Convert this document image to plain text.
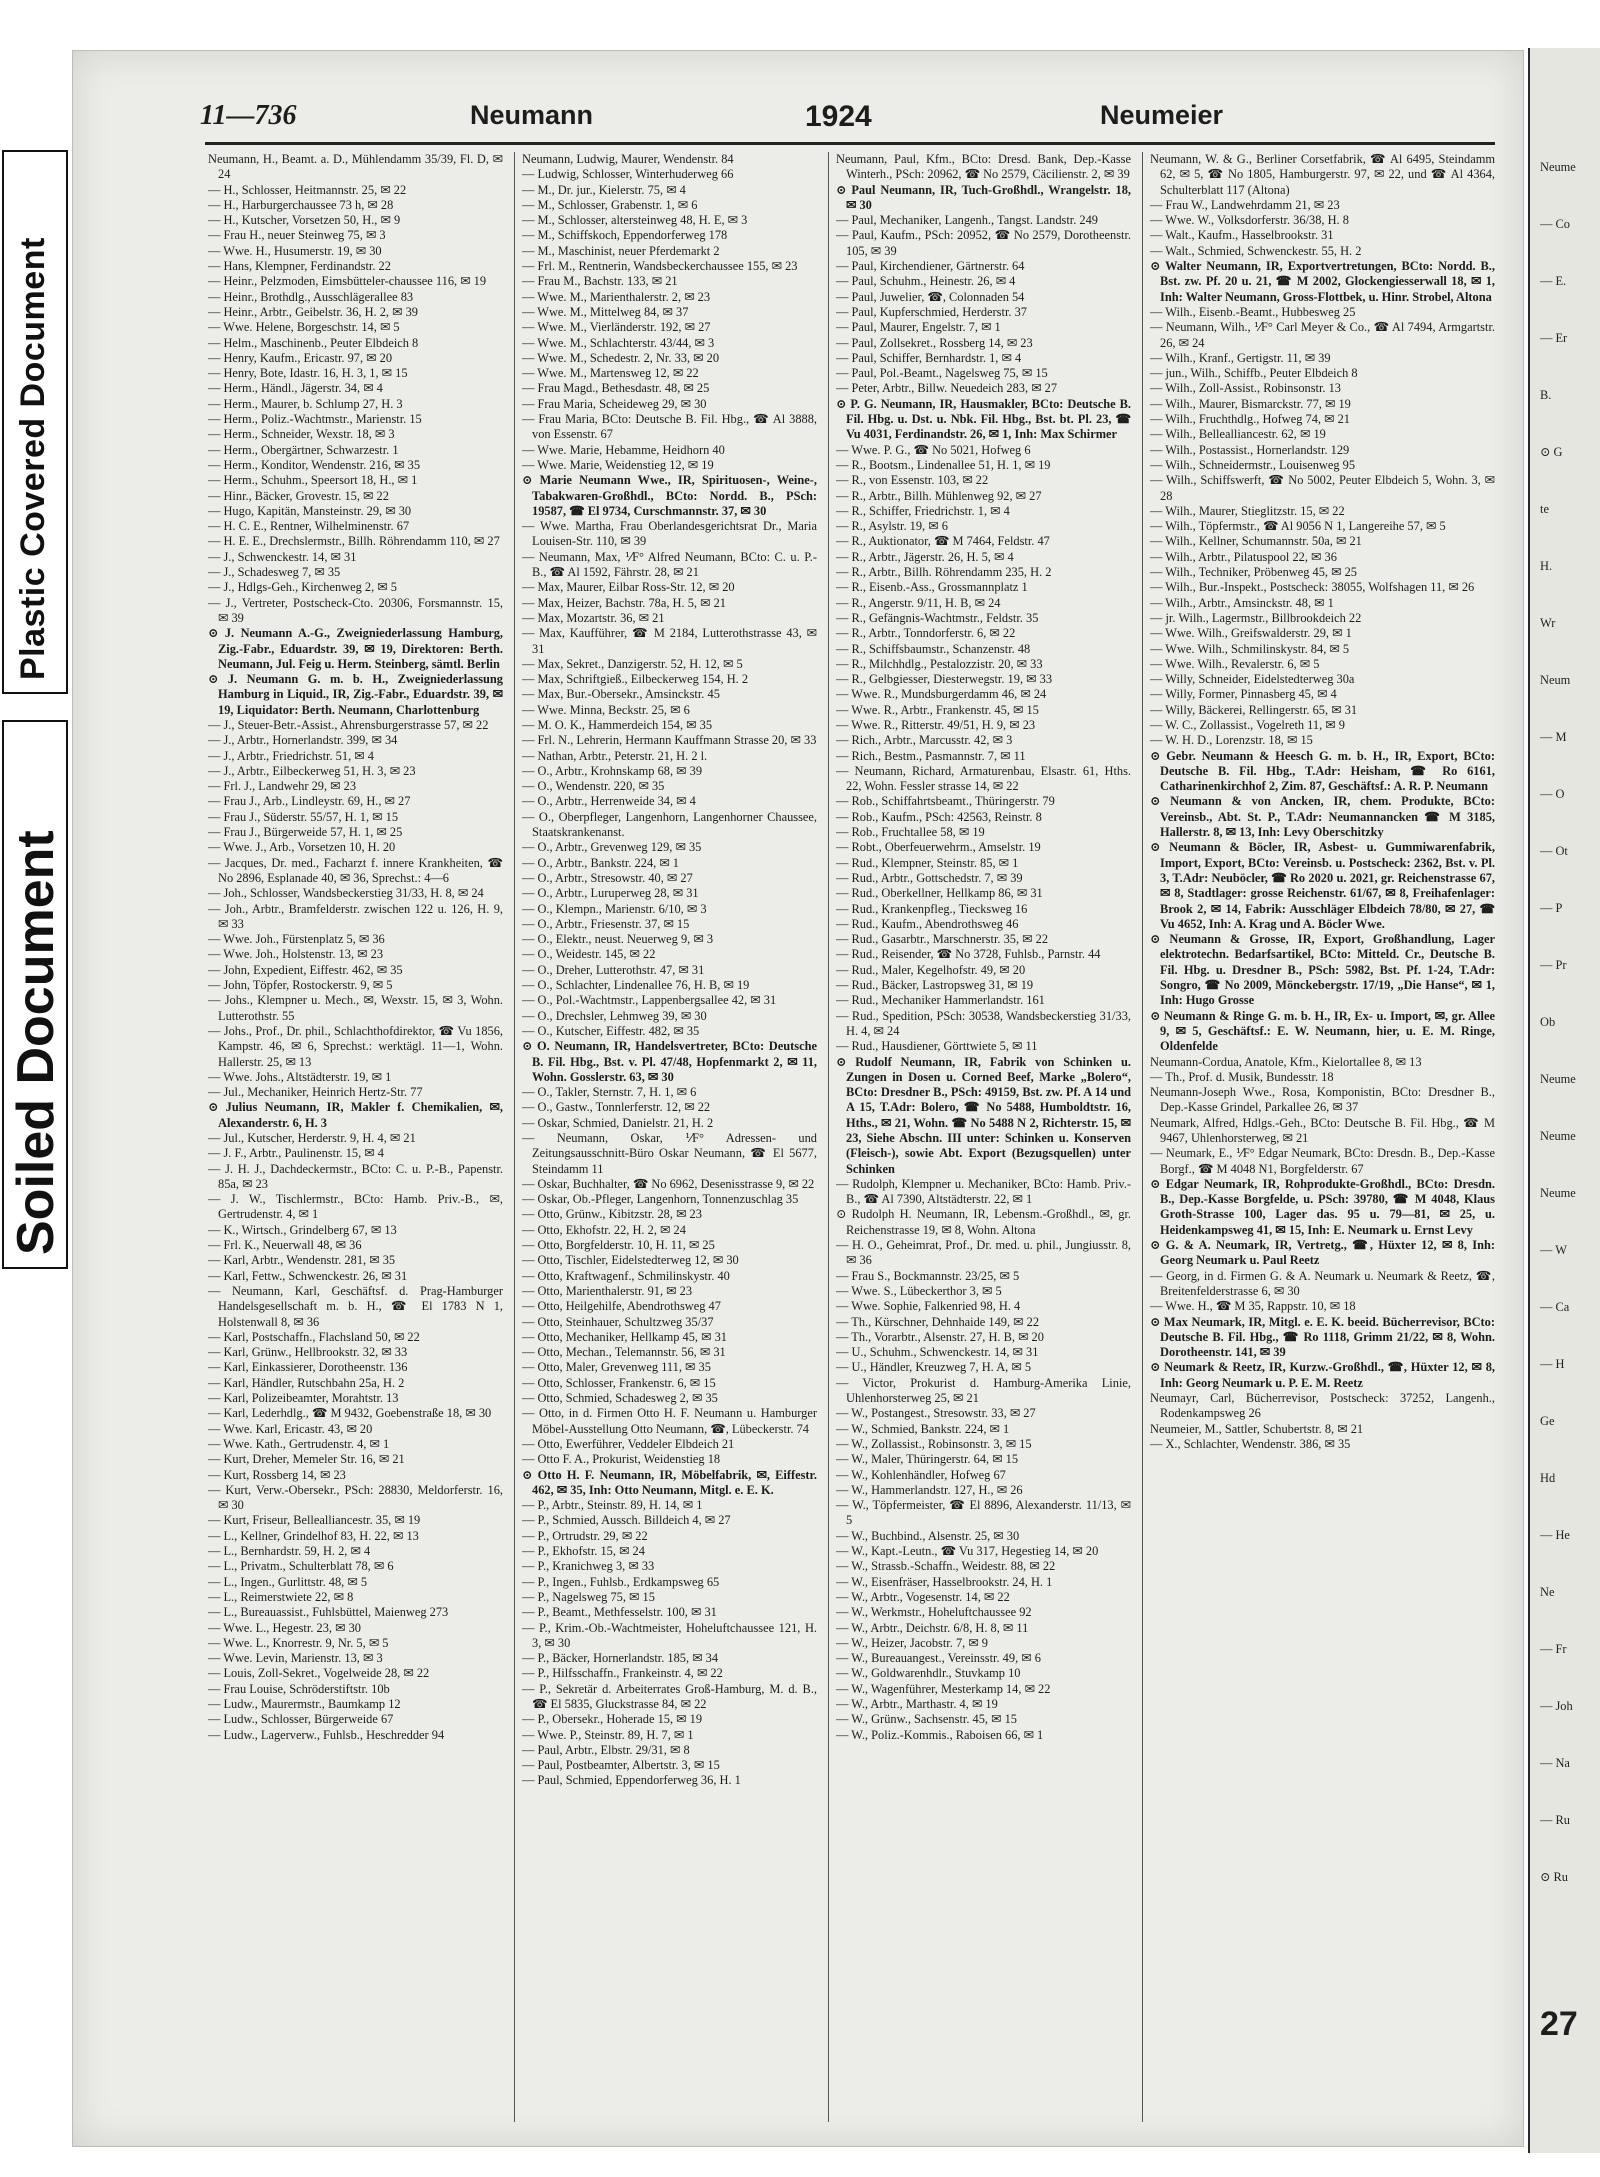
Plastic Covered Document
Soiled Document
11—736	Neumann	1924	Neumeier

Neumann, H., Beamt. a. D., Mühlendamm 35/39, Fl. D, ✉ 24

— H., Schlosser, Heitmannstr. 25, ✉ 22

— H., Harburgerchaussee 73 h, ✉ 28

— H., Kutscher, Vorsetzen 50, H., ✉ 9

— Frau H., neuer Steinweg 75, ✉ 3

— Wwe. H., Husumerstr. 19, ✉ 30

— Hans, Klempner, Ferdinandstr. 22

— Heinr., Pelzmoden, Eimsbütteler-chaussee 116, ✉ 19

— Heinr., Brothdlg., Ausschlägerallee 83

— Heinr., Arbtr., Geibelstr. 36, H. 2, ✉ 39

— Wwe. Helene, Borgeschstr. 14, ✉ 5

— Helm., Maschinenb., Peuter Elbdeich 8

— Henry, Kaufm., Ericastr. 97, ✉ 20

— Henry, Bote, Idastr. 16, H. 3, 1, ✉ 15

— Herm., Händl., Jägerstr. 34, ✉ 4

— Herm., Maurer, b. Schlump 27, H. 3

— Herm., Poliz.-Wachtmstr., Marienstr. 15

— Herm., Schneider, Wexstr. 18, ✉ 3

— Herm., Obergärtner, Schwarzestr. 1

— Herm., Konditor, Wendenstr. 216, ✉ 35

— Herm., Schuhm., Speersort 18, H., ✉ 1

— Hinr., Bäcker, Grovestr. 15, ✉ 22

— Hugo, Kapitän, Mansteinstr. 29, ✉ 30

— H. C. E., Rentner, Wilhelminenstr. 67

— H. E. E., Drechslermstr., Billh. Röhrendamm 110, ✉ 27

— J., Schwenckestr. 14, ✉ 31

— J., Schadesweg 7, ✉ 35

— J., Hdlgs-Geh., Kirchenweg 2, ✉ 5

— J., Vertreter, Postscheck-Cto. 20306, Forsmannstr. 15, ✉ 39

⊙ J. Neumann A.-G., Zweigniederlassung Hamburg, Zig.-Fabr., Eduardstr. 39, ✉ 19, Direktoren: Berth. Neumann, Jul. Feig u. Herm. Steinberg, sämtl. Berlin

⊙ J. Neumann G. m. b. H., Zweigniederlassung Hamburg in Liquid., IR, Zig.-Fabr., Eduardstr. 39, ✉ 19, Liquidator: Berth. Neumann, Charlottenburg

— J., Steuer-Betr.-Assist., Ahrensburgerstrasse 57, ✉ 22

— J., Arbtr., Hornerlandstr. 399, ✉ 34

— J., Arbtr., Friedrichstr. 51, ✉ 4

— J., Arbtr., Eilbeckerweg 51, H. 3, ✉ 23

— Frl. J., Landwehr 29, ✉ 23

— Frau J., Arb., Lindleystr. 69, H., ✉ 27

— Frau J., Süderstr. 55/57, H. 1, ✉ 15

— Frau J., Bürgerweide 57, H. 1, ✉ 25

— Wwe. J., Arb., Vorsetzen 10, H. 20

— Jacques, Dr. med., Facharzt f. innere Krankheiten, ☎ No 2896, Esplanade 40, ✉ 36, Sprechst.: 4—6

— Joh., Schlosser, Wandsbeckerstieg 31/33, H. 8, ✉ 24

— Joh., Arbtr., Bramfelderstr. zwischen 122 u. 126, H. 9, ✉ 33

— Wwe. Joh., Fürstenplatz 5, ✉ 36

— Wwe. Joh., Holstenstr. 13, ✉ 23

— John, Expedient, Eiffestr. 462, ✉ 35

— John, Töpfer, Rostockerstr. 9, ✉ 5

— Johs., Klempner u. Mech., ✉, Wexstr. 15, ✉ 3, Wohn. Lutterothstr. 55

— Johs., Prof., Dr. phil., Schlachthofdirektor, ☎ Vu 1856, Kampstr. 46, ✉ 6, Sprechst.: werktägl. 11—1, Wohn. Hallerstr. 25, ✉ 13

— Wwe. Johs., Altstädterstr. 19, ✉ 1

— Jul., Mechaniker, Heinrich Hertz-Str. 77

⊙ Julius Neumann, IR, Makler f. Chemikalien, ✉, Alexanderstr. 6, H. 3

— Jul., Kutscher, Herderstr. 9, H. 4, ✉ 21

— J. F., Arbtr., Paulinenstr. 15, ✉ 4

— J. H. J., Dachdeckermstr., BCto: C. u. P.-B., Papenstr. 85a, ✉ 23

— J. W., Tischlermstr., BCto: Hamb. Priv.-B., ✉, Gertrudenstr. 4, ✉ 1

— K., Wirtsch., Grindelberg 67, ✉ 13

— Frl. K., Neuerwall 48, ✉ 36

— Karl, Arbtr., Wendenstr. 281, ✉ 35

— Karl, Fettw., Schwenckestr. 26, ✉ 31

— Neumann, Karl, Geschäftsf. d. Prag-Hamburger Handelsgesellschaft m. b. H., ☎ El 1783 N 1, Holstenwall 8, ✉ 36

— Karl, Postschaffn., Flachsland 50, ✉ 22

— Karl, Grünw., Hellbrookstr. 32, ✉ 33

— Karl, Einkassierer, Dorotheenstr. 136

— Karl, Händler, Rutschbahn 25a, H. 2

— Karl, Polizeibeamter, Morahtstr. 13

— Karl, Lederhdlg., ☎ M 9432, Goebenstraße 18, ✉ 30

— Wwe. Karl, Ericastr. 43, ✉ 20

— Wwe. Kath., Gertrudenstr. 4, ✉ 1

— Kurt, Dreher, Memeler Str. 16, ✉ 21

— Kurt, Rossberg 14, ✉ 23

— Kurt, Verw.-Obersekr., PSch: 28830, Meldorferstr. 16, ✉ 30

— Kurt, Friseur, Bellealliancestr. 35, ✉ 19

— L., Kellner, Grindelhof 83, H. 22, ✉ 13

— L., Bernhardstr. 59, H. 2, ✉ 4

— L., Privatm., Schulterblatt 78, ✉ 6

— L., Ingen., Gurlittstr. 48, ✉ 5

— L., Reimerstwiete 22, ✉ 8

— L., Bureauassist., Fuhlsbüttel, Maienweg 273

— Wwe. L., Hegestr. 23, ✉ 30

— Wwe. L., Knorrestr. 9, Nr. 5, ✉ 5

— Wwe. Levin, Marienstr. 13, ✉ 3

— Louis, Zoll-Sekret., Vogelweide 28, ✉ 22

— Frau Louise, Schröderstiftstr. 10b

— Ludw., Maurermstr., Baumkamp 12

— Ludw., Schlosser, Bürgerweide 67

— Ludw., Lagerverw., Fuhlsb., Heschredder 94

Neumann, Ludwig, Maurer, Wendenstr. 84

— Ludwig, Schlosser, Winterhuderweg 66

— M., Dr. jur., Kielerstr. 75, ✉ 4

— M., Schlosser, Grabenstr. 1, ✉ 6

— M., Schlosser, altersteinweg 48, H. E, ✉ 3

— M., Schiffskoch, Eppendorferweg 178

— M., Maschinist, neuer Pferdemarkt 2

— Frl. M., Rentnerin, Wandsbeckerchaussee 155, ✉ 23

— Frau M., Bachstr. 133, ✉ 21

— Wwe. M., Marienthalerstr. 2, ✉ 23

— Wwe. M., Mittelweg 84, ✉ 37

— Wwe. M., Vierländerstr. 192, ✉ 27

— Wwe. M., Schlachterstr. 43/44, ✉ 3

— Wwe. M., Schedestr. 2, Nr. 33, ✉ 20

— Wwe. M., Martensweg 12, ✉ 22

— Frau Magd., Bethesdastr. 48, ✉ 25

— Frau Maria, Scheideweg 29, ✉ 30

— Frau Maria, BCto: Deutsche B. Fil. Hbg., ☎ Al 3888, von Essenstr. 67

— Wwe. Marie, Hebamme, Heidhorn 40

— Wwe. Marie, Weidenstieg 12, ✉ 19

⊙ Marie Neumann Wwe., IR, Spirituosen-, Weine-, Tabakwaren-Großhdl., BCto: Nordd. B., PSch: 19587, ☎ El 9734, Curschmannstr. 37, ✉ 30

— Wwe. Martha, Frau Oberlandesgerichtsrat Dr., Maria Louisen-Str. 110, ✉ 39

— Neumann, Max, ⅟F° Alfred Neumann, BCto: C. u. P.-B., ☎ Al 1592, Fährstr. 28, ✉ 21

— Max, Maurer, Eilbar Ross-Str. 12, ✉ 20

— Max, Heizer, Bachstr. 78a, H. 5, ✉ 21

— Max, Mozartstr. 36, ✉ 21

— Max, Kaufführer, ☎ M 2184, Lutterothstrasse 43, ✉ 31

— Max, Sekret., Danzigerstr. 52, H. 12, ✉ 5

— Max, Schriftgieß., Eilbeckerweg 154, H. 2

— Max, Bur.-Obersekr., Amsinckstr. 45

— Wwe. Minna, Beckstr. 25, ✉ 6

— M. O. K., Hammerdeich 154, ✉ 35

— Frl. N., Lehrerin, Hermann Kauffmann Strasse 20, ✉ 33

— Nathan, Arbtr., Peterstr. 21, H. 2 l.

— O., Arbtr., Krohnskamp 68, ✉ 39

— O., Wendenstr. 220, ✉ 35

— O., Arbtr., Herrenweide 34, ✉ 4

— O., Oberpfleger, Langenhorn, Langenhorner Chaussee, Staatskrankenanst.

— O., Arbtr., Grevenweg 129, ✉ 35

— O., Arbtr., Bankstr. 224, ✉ 1

— O., Arbtr., Stresowstr. 40, ✉ 27

— O., Arbtr., Luruperweg 28, ✉ 31

— O., Klempn., Marienstr. 6/10, ✉ 3

— O., Arbtr., Friesenstr. 37, ✉ 15

— O., Elektr., neust. Neuerweg 9, ✉ 3

— O., Weidestr. 145, ✉ 22

— O., Dreher, Lutterothstr. 47, ✉ 31

— O., Schlachter, Lindenallee 76, H. B, ✉ 19

— O., Pol.-Wachtmstr., Lappenbergsallee 42, ✉ 31

— O., Drechsler, Lehmweg 39, ✉ 30

— O., Kutscher, Eiffestr. 482, ✉ 35

⊙ O. Neumann, IR, Handelsvertreter, BCto: Deutsche B. Fil. Hbg., Bst. v. Pl. 47/48, Hopfenmarkt 2, ✉ 11, Wohn. Gosslerstr. 63, ✉ 30

— O., Takler, Sternstr. 7, H. 1, ✉ 6

— O., Gastw., Tonnlerferstr. 12, ✉ 22

— Oskar, Schmied, Danielstr. 21, H. 2

— Neumann, Oskar, ⅟F° Adressen- und Zeitungsausschnitt-Büro Oskar Neumann, ☎ El 5677, Steindamm 11

— Oskar, Buchhalter, ☎ No 6962, Desenisstrasse 9, ✉ 22

— Oskar, Ob.-Pfleger, Langenhorn, Tonnenzuschlag 35

— Otto, Grünw., Kibitzstr. 28, ✉ 23

— Otto, Ekhofstr. 22, H. 2, ✉ 24

— Otto, Borgfelderstr. 10, H. 11, ✉ 25

— Otto, Tischler, Eidelstedterweg 12, ✉ 30

— Otto, Kraftwagenf., Schmilinskystr. 40

— Otto, Marienthalerstr. 91, ✉ 23

— Otto, Heilgehilfe, Abendrothsweg 47

— Otto, Steinhauer, Schultzweg 35/37

— Otto, Mechaniker, Hellkamp 45, ✉ 31

— Otto, Mechan., Telemannstr. 56, ✉ 31

— Otto, Maler, Grevenweg 111, ✉ 35

— Otto, Schlosser, Frankenstr. 6, ✉ 15

— Otto, Schmied, Schadesweg 2, ✉ 35

— Otto, in d. Firmen Otto H. F. Neumann u. Hamburger Möbel-Ausstellung Otto Neumann, ☎, Lübeckerstr. 74

— Otto, Ewerführer, Veddeler Elbdeich 21

— Otto F. A., Prokurist, Weidenstieg 18

⊙ Otto H. F. Neumann, IR, Möbelfabrik, ✉, Eiffestr. 462, ✉ 35, Inh: Otto Neumann, Mitgl. e. E. K.

— P., Arbtr., Steinstr. 89, H. 14, ✉ 1

— P., Schmied, Aussch. Billdeich 4, ✉ 27

— P., Ortrudstr. 29, ✉ 22

— P., Ekhofstr. 15, ✉ 24

— P., Kranichweg 3, ✉ 33

— P., Ingen., Fuhlsb., Erdkampsweg 65

— P., Nagelsweg 75, ✉ 15

— P., Beamt., Methfesselstr. 100, ✉ 31

— P., Krim.-Ob.-Wachtmeister, Hoheluftchaussee 121, H. 3, ✉ 30

— P., Bäcker, Hornerlandstr. 185, ✉ 34

— P., Hilfsschaffn., Frankeinstr. 4, ✉ 22

— P., Sekretär d. Arbeiterrates Groß-Hamburg, M. d. B., ☎ El 5835, Gluckstrasse 84, ✉ 22

— P., Obersekr., Hoherade 15, ✉ 19

— Wwe. P., Steinstr. 89, H. 7, ✉ 1

— Paul, Arbtr., Elbstr. 29/31, ✉ 8

— Paul, Postbeamter, Albertstr. 3, ✉ 15

— Paul, Schmied, Eppendorferweg 36, H. 1

Neumann, Paul, Kfm., BCto: Dresd. Bank, Dep.-Kasse Winterh., PSch: 20962, ☎ No 2579, Cäcilienstr. 2, ✉ 39

⊙ Paul Neumann, IR, Tuch-Großhdl., Wrangelstr. 18, ✉ 30

— Paul, Mechaniker, Langenh., Tangst. Landstr. 249

— Paul, Kaufm., PSch: 20952, ☎ No 2579, Dorotheenstr. 105, ✉ 39

— Paul, Kirchendiener, Gärtnerstr. 64

— Paul, Schuhm., Heinestr. 26, ✉ 4

— Paul, Juwelier, ☎, Colonnaden 54

— Paul, Kupferschmied, Herderstr. 37

— Paul, Maurer, Engelstr. 7, ✉ 1

— Paul, Zollsekret., Rossberg 14, ✉ 23

— Paul, Schiffer, Bernhardstr. 1, ✉ 4

— Paul, Pol.-Beamt., Nagelsweg 75, ✉ 15

— Peter, Arbtr., Billw. Neuedeich 283, ✉ 27

⊙ P. G. Neumann, IR, Hausmakler, BCto: Deutsche B. Fil. Hbg. u. Dst. u. Nbk. Fil. Hbg., Bst. bt. Pl. 23, ☎ Vu 4031, Ferdinandstr. 26, ✉ 1, Inh: Max Schirmer

— Wwe. P. G., ☎ No 5021, Hofweg 6

— R., Bootsm., Lindenallee 51, H. 1, ✉ 19

— R., von Essenstr. 103, ✉ 22

— R., Arbtr., Billh. Mühlenweg 92, ✉ 27

— R., Schiffer, Friedrichstr. 1, ✉ 4

— R., Asylstr. 19, ✉ 6

— R., Auktionator, ☎ M 7464, Feldstr. 47

— R., Arbtr., Jägerstr. 26, H. 5, ✉ 4

— R., Arbtr., Billh. Röhrendamm 235, H. 2

— R., Eisenb.-Ass., Grossmannplatz 1

— R., Angerstr. 9/11, H. B, ✉ 24

— R., Gefängnis-Wachtmstr., Feldstr. 35

— R., Arbtr., Tonndorferstr. 6, ✉ 22

— R., Schiffsbaumstr., Schanzenstr. 48

— R., Milchhdlg., Pestalozzistr. 20, ✉ 33

— R., Gelbgiesser, Diesterwegstr. 19, ✉ 33

— Wwe. R., Mundsburgerdamm 46, ✉ 24

— Wwe. R., Arbtr., Frankenstr. 45, ✉ 15

— Wwe. R., Ritterstr. 49/51, H. 9, ✉ 23

— Rich., Arbtr., Marcusstr. 42, ✉ 3

— Rich., Bestm., Pasmannstr. 7, ✉ 11

— Neumann, Richard, Armaturenbau, Elsastr. 61, Hths. 22, Wohn. Fessler strasse 14, ✉ 22

— Rob., Schiffahrtsbeamt., Thüringerstr. 79

— Rob., Kaufm., PSch: 42563, Reinstr. 8

— Rob., Fruchtallee 58, ✉ 19

— Robt., Oberfeuerwehrm., Amselstr. 19

— Rud., Klempner, Steinstr. 85, ✉ 1

— Rud., Arbtr., Gottschedstr. 7, ✉ 39

— Rud., Oberkellner, Hellkamp 86, ✉ 31

— Rud., Krankenpfleg., Tiecksweg 16

— Rud., Kaufm., Abendrothsweg 46

— Rud., Gasarbtr., Marschnerstr. 35, ✉ 22

— Rud., Reisender, ☎ No 3728, Fuhlsb., Parnstr. 44

— Rud., Maler, Kegelhofstr. 49, ✉ 20

— Rud., Bäcker, Lastropsweg 31, ✉ 19

— Rud., Mechaniker Hammerlandstr. 161

— Rud., Spedition, PSch: 30538, Wandsbeckerstieg 31/33, H. 4, ✉ 24

— Rud., Hausdiener, Görttwiete 5, ✉ 11

⊙ Rudolf Neumann, IR, Fabrik von Schinken u. Zungen in Dosen u. Corned Beef, Marke „Bolero“, BCto: Dresdner B., PSch: 49159, Bst. zw. Pf. A 14 und A 15, T.Adr: Bolero, ☎ No 5488, Humboldtstr. 16, Hths., ✉ 21, Wohn. ☎ No 5488 N 2, Richterstr. 15, ✉ 23, Siehe Abschn. III unter: Schinken u. Konserven (Fleisch-), sowie Abt. Export (Bezugsquellen) unter Schinken

— Rudolph, Klempner u. Mechaniker, BCto: Hamb. Priv.-B., ☎ Al 7390, Altstädterstr. 22, ✉ 1

⊙ Rudolph H. Neumann, IR, Lebensm.-Großhdl., ✉, gr. Reichenstrasse 19, ✉ 8, Wohn. Altona

— H. O., Geheimrat, Prof., Dr. med. u. phil., Jungiusstr. 8, ✉ 36

— Frau S., Bockmannstr. 23/25, ✉ 5

— Wwe. S., Lübeckerthor 3, ✉ 5

— Wwe. Sophie, Falkenried 98, H. 4

— Th., Kürschner, Dehnhaide 149, ✉ 22

— Th., Vorarbtr., Alsenstr. 27, H. B, ✉ 20

— U., Schuhm., Schwenckestr. 14, ✉ 31

— U., Händler, Kreuzweg 7, H. A, ✉ 5

— Victor, Prokurist d. Hamburg-Amerika Linie, Uhlenhorsterweg 25, ✉ 21

— W., Postangest., Stresowstr. 33, ✉ 27

— W., Schmied, Bankstr. 224, ✉ 1

— W., Zollassist., Robinsonstr. 3, ✉ 15

— W., Maler, Thüringerstr. 64, ✉ 15

— W., Kohlenhändler, Hofweg 67

— W., Hammerlandstr. 127, H., ✉ 26

— W., Töpfermeister, ☎ El 8896, Alexanderstr. 11/13, ✉ 5

— W., Buchbind., Alsenstr. 25, ✉ 30

— W., Kapt.-Leutn., ☎ Vu 317, Hegestieg 14, ✉ 20

— W., Strassb.-Schaffn., Weidestr. 88, ✉ 22

— W., Eisenfräser, Hasselbrookstr. 24, H. 1

— W., Arbtr., Vogesenstr. 14, ✉ 22

— W., Werkmstr., Hoheluftchaussee 92

— W., Arbtr., Deichstr. 6/8, H. 8, ✉ 11

— W., Heizer, Jacobstr. 7, ✉ 9

— W., Bureauangest., Vereinsstr. 49, ✉ 6

— W., Goldwarenhdlr., Stuvkamp 10

— W., Wagenführer, Mesterkamp 14, ✉ 22

— W., Arbtr., Marthastr. 4, ✉ 19

— W., Grünw., Sachsenstr. 45, ✉ 15

— W., Poliz.-Kommis., Raboisen 66, ✉ 1

Neumann, W. & G., Berliner Corsetfabrik, ☎ Al 6495, Steindamm 62, ✉ 5, ☎ No 1805, Hamburgerstr. 97, ✉ 22, und ☎ Al 4364, Schulterblatt 117 (Altona)

— Frau W., Landwehrdamm 21, ✉ 23

— Wwe. W., Volksdorferstr. 36/38, H. 8

— Walt., Kaufm., Hasselbrookstr. 31

— Walt., Schmied, Schwenckestr. 55, H. 2

⊙ Walter Neumann, IR, Exportvertretungen, BCto: Nordd. B., Bst. zw. Pf. 20 u. 21, ☎ M 2002, Glockengiesserwall 18, ✉ 1, Inh: Walter Neumann, Gross-Flottbek, u. Hinr. Strobel, Altona

— Wilh., Eisenb.-Beamt., Hubbesweg 25

— Neumann, Wilh., ⅟F° Carl Meyer & Co., ☎ Al 7494, Armgartstr. 26, ✉ 24

— Wilh., Kranf., Gertigstr. 11, ✉ 39

— jun., Wilh., Schiffb., Peuter Elbdeich 8

— Wilh., Zoll-Assist., Robinsonstr. 13

— Wilh., Maurer, Bismarckstr. 77, ✉ 19

— Wilh., Fruchthdlg., Hofweg 74, ✉ 21

— Wilh., Bellealliancestr. 62, ✉ 19

— Wilh., Postassist., Hornerlandstr. 129

— Wilh., Schneidermstr., Louisenweg 95

— Wilh., Schiffswerft, ☎ No 5002, Peuter Elbdeich 5, Wohn. 3, ✉ 28

— Wilh., Maurer, Stieglitzstr. 15, ✉ 22

— Wilh., Töpfermstr., ☎ Al 9056 N 1, Langereihe 57, ✉ 5

— Wilh., Kellner, Schumannstr. 50a, ✉ 21

— Wilh., Arbtr., Pilatuspool 22, ✉ 36

— Wilh., Techniker, Pröbenweg 45, ✉ 25

— Wilh., Bur.-Inspekt., Postscheck: 38055, Wolfshagen 11, ✉ 26

— Wilh., Arbtr., Amsinckstr. 48, ✉ 1

— jr. Wilh., Lagermstr., Billbrookdeich 22

— Wwe. Wilh., Greifswalderstr. 29, ✉ 1

— Wwe. Wilh., Schmilinskystr. 84, ✉ 5

— Wwe. Wilh., Revalerstr. 6, ✉ 5

— Willy, Schneider, Eidelstedterweg 30a

— Willy, Former, Pinnasberg 45, ✉ 4

— Willy, Bäckerei, Rellingerstr. 65, ✉ 31

— W. C., Zollassist., Vogelreth 11, ✉ 9

— W. H. D., Lorenzstr. 18, ✉ 15

⊙ Gebr. Neumann & Heesch G. m. b. H., IR, Export, BCto: Deutsche B. Fil. Hbg., T.Adr: Heisham, ☎ Ro 6161, Catharinenkirchhof 2, Zim. 87, Geschäftsf.: A. R. P. Neumann

⊙ Neumann & von Ancken, IR, chem. Produkte, BCto: Vereinsb., Abt. St. P., T.Adr: Neumannancken ☎ M 3185, Hallerstr. 8, ✉ 13, Inh: Levy Oberschitzky

⊙ Neumann & Böcler, IR, Asbest- u. Gummiwarenfabrik, Import, Export, BCto: Vereinsb. u. Postscheck: 2362, Bst. v. Pl. 3, T.Adr: Neuböcler, ☎ Ro 2020 u. 2021, gr. Reichenstrasse 67, ✉ 8, Stadtlager: grosse Reichenstr. 61/67, ✉ 8, Freihafenlager: Brook 2, ✉ 14, Fabrik: Ausschläger Elbdeich 78/80, ✉ 27, ☎ Vu 4652, Inh: A. Krag und A. Böcler Wwe.

⊙ Neumann & Grosse, IR, Export, Großhandlung, Lager elektrotechn. Bedarfsartikel, BCto: Mitteld. Cr., Deutsche B. Fil. Hbg. u. Dresdner B., PSch: 5982, Bst. Pf. 1-24, T.Adr: Songro, ☎ No 2009, Mönckebergstr. 17/19, „Die Hanse“, ✉ 1, Inh: Hugo Grosse

⊙ Neumann & Ringe G. m. b. H., IR, Ex- u. Import, ✉, gr. Allee 9, ✉ 5, Geschäftsf.: E. W. Neumann, hier, u. E. M. Ringe, Oldenfelde

Neumann-Cordua, Anatole, Kfm., Kielortallee 8, ✉ 13

— Th., Prof. d. Musik, Bundesstr. 18

Neumann-Joseph Wwe., Rosa, Komponistin, BCto: Dresdner B., Dep.-Kasse Grindel, Parkallee 26, ✉ 37

Neumark, Alfred, Hdlgs.-Geh., BCto: Deutsche B. Fil. Hbg., ☎ M 9467, Uhlenhorsterweg, ✉ 21

— Neumark, E., ⅟F° Edgar Neumark, BCto: Dresdn. B., Dep.-Kasse Borgf., ☎ M 4048 N1, Borgfelderstr. 67

⊙ Edgar Neumark, IR, Rohprodukte-Großhdl., BCto: Dresdn. B., Dep.-Kasse Borgfelde, u. PSch: 39780, ☎ M 4048, Klaus Groth-Strasse 100, Lager das. 95 u. 79—81, ✉ 25, u. Heidenkampsweg 41, ✉ 15, Inh: E. Neumark u. Ernst Levy

⊙ G. & A. Neumark, IR, Vertretg., ☎, Hüxter 12, ✉ 8, Inh: Georg Neumark u. Paul Reetz

— Georg, in d. Firmen G. & A. Neumark u. Neumark & Reetz, ☎, Breitenfelderstrasse 6, ✉ 30

— Wwe. H., ☎ M 35, Rappstr. 10, ✉ 18

⊙ Max Neumark, IR, Mitgl. e. E. K. beeid. Bücherrevisor, BCto: Deutsche B. Fil. Hbg., ☎ Ro 1118, Grimm 21/22, ✉ 8, Wohn. Dorotheenstr. 141, ✉ 39

⊙ Neumark & Reetz, IR, Kurzw.-Großhdl., ☎, Hüxter 12, ✉ 8, Inh: Georg Neumark u. P. E. M. Reetz

Neumayr, Carl, Bücherrevisor, Postscheck: 37252, Langenh., Rodenkampsweg 26

Neumeier, M., Sattler, Schubertstr. 8, ✉ 21

— X., Schlachter, Wendenstr. 386, ✉ 35

Neume
— Co
— E.
— Er
B.
⊙ G
te
H.
Wr
Neum
— M
— O
— Ot
— P
— Pr
Ob
Neume
Neume
Neume
— W
— Ca
— H
Ge
Hd
— He
Ne
— Fr
— Joh
— Na
— Ru
⊙ Ru
27
